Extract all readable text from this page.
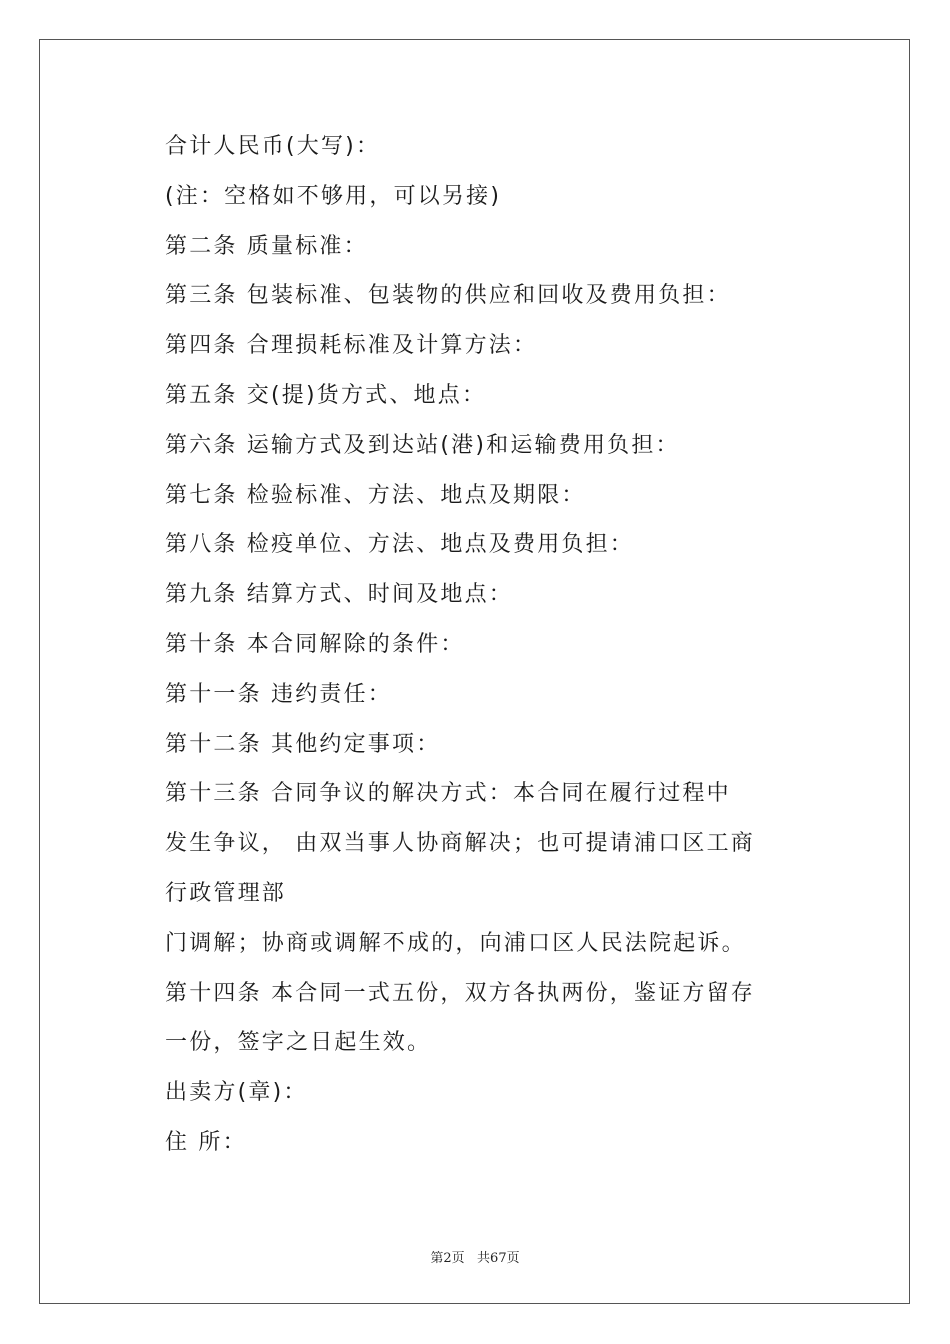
合计人民币(大写)：
(注：空格如不够用，可以另接)
第二条 质量标准：
第三条 包装标准、包装物的供应和回收及费用负担：
第四条 合理损耗标准及计算方法：
第五条 交(提)货方式、地点：
第六条 运输方式及到达站(港)和运输费用负担：
第七条 检验标准、方法、地点及期限：
第八条 检疫单位、方法、地点及费用负担：
第九条 结算方式、时间及地点：
第十条 本合同解除的条件：
第十一条 违约责任：
第十二条 其他约定事项：
第十三条 合同争议的解决方式：本合同在履行过程中
发生争议， 由双当事人协商解决；也可提请浦口区工商
行政管理部
门调解；协商或调解不成的，向浦口区人民法院起诉。
第十四条 本合同一式五份，双方各执两份，鉴证方留存
一份，签字之日起生效。
出卖方(章)：
住 所：
第2页   共67页
